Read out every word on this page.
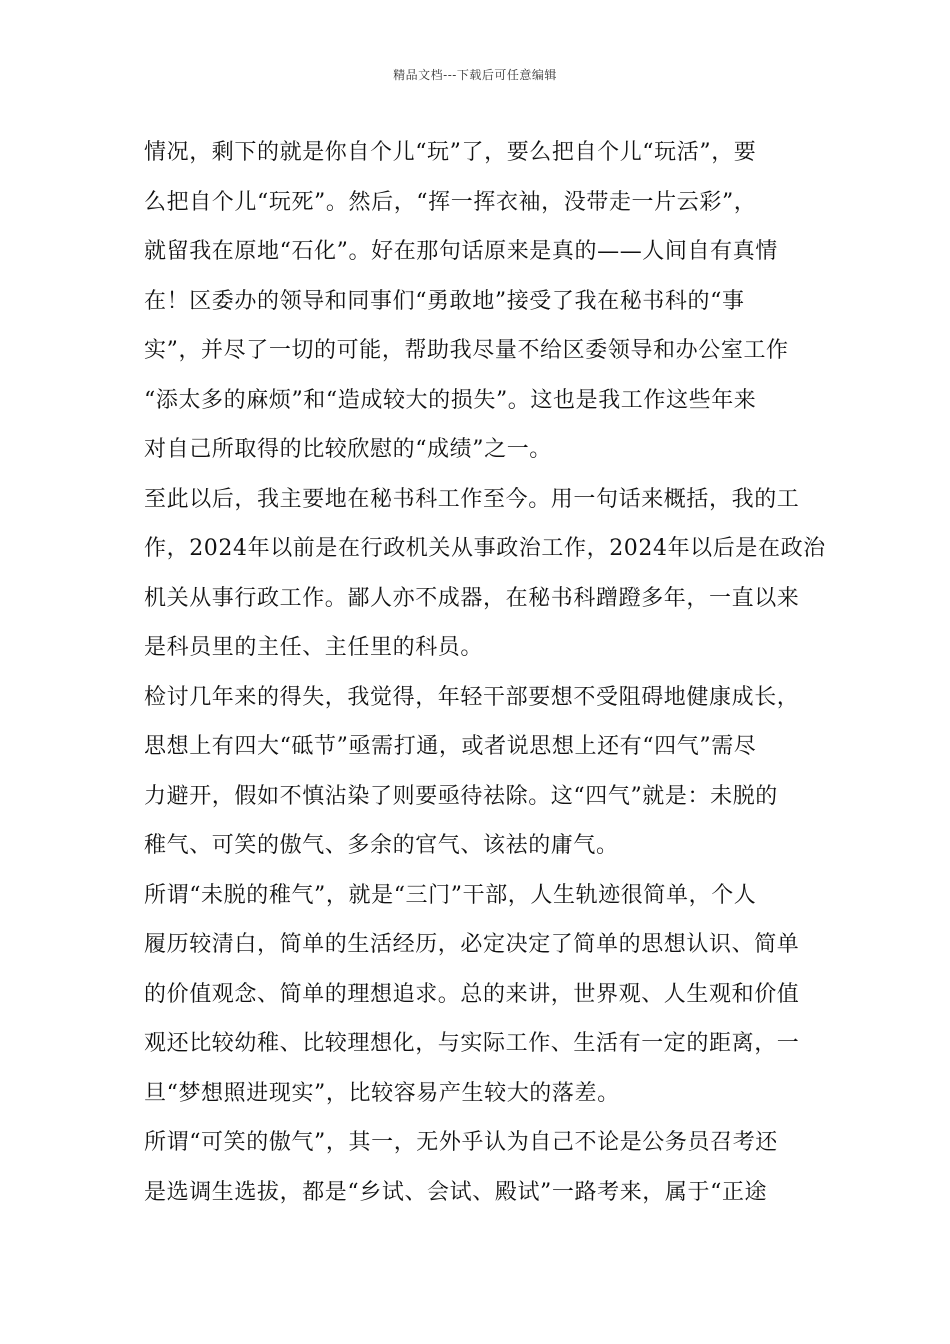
精品文档---下载后可任意编辑
情况，剩下的就是你自个儿“玩”了，要么把自个儿“玩活”，要
么把自个儿“玩死”。然后，“挥一挥衣袖，没带走一片云彩”，
就留我在原地“石化”。好在那句话原来是真的——人间自有真情
在！区委办的领导和同事们“勇敢地”接受了我在秘书科的“事
实”，并尽了一切的可能，帮助我尽量不给区委领导和办公室工作
“添太多的麻烦”和“造成较大的损失”。这也是我工作这些年来
对自己所取得的比较欣慰的“成绩”之一。
至此以后，我主要地在秘书科工作至今。用一句话来概括，我的工
作，2024年以前是在行政机关从事政治工作，2024年以后是在政治
机关从事行政工作。鄙人亦不成器，在秘书科蹭蹬多年，一直以来
是科员里的主任、主任里的科员。
检讨几年来的得失，我觉得，年轻干部要想不受阻碍地健康成长，
思想上有四大“砥节”亟需打通，或者说思想上还有“四气”需尽
力避开，假如不慎沾染了则要亟待祛除。这“四气”就是：未脱的
稚气、可笑的傲气、多余的官气、该祛的庸气。
所谓“未脱的稚气”，就是“三门”干部，人生轨迹很简单，个人
履历较清白，简单的生活经历，必定决定了简单的思想认识、简单
的价值观念、简单的理想追求。总的来讲，世界观、人生观和价值
观还比较幼稚、比较理想化，与实际工作、生活有一定的距离，一
旦“梦想照进现实”，比较容易产生较大的落差。
所谓“可笑的傲气”，其一，无外乎认为自己不论是公务员召考还
是选调生选拔，都是“乡试、会试、殿试”一路考来，属于“正途
